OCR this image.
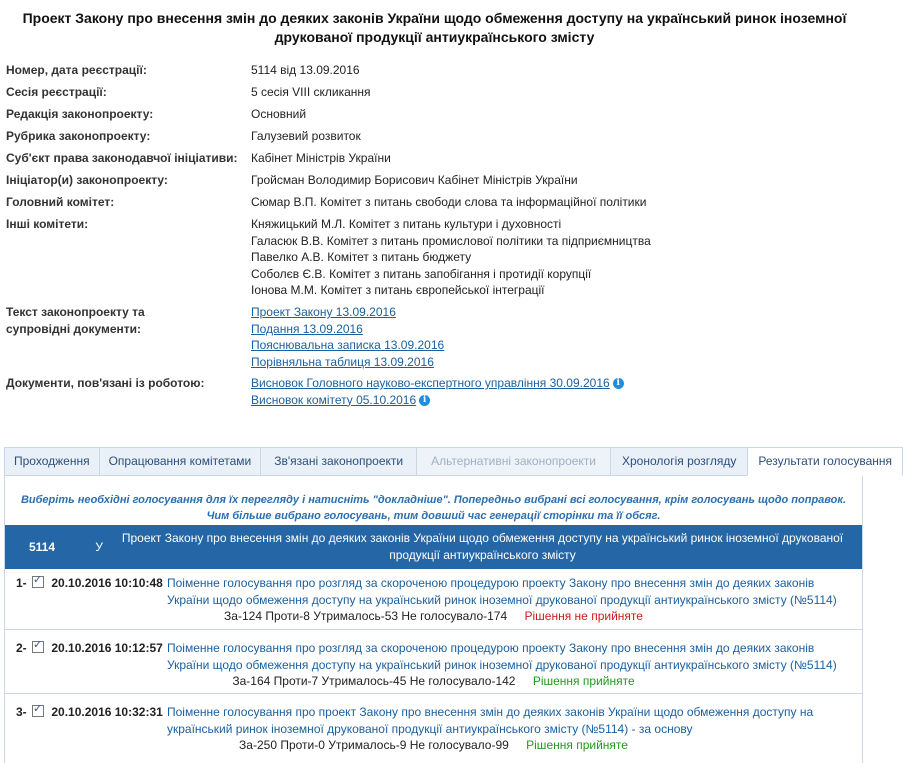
Проект Закону про внесення змін до деяких законів України щодо обмеження доступу на український ринок іноземної друкованої продукції антиукраїнського змісту
Номер, дата реєстрації:	5114 від 13.09.2016
Сесія реєстрації:	5 сесія VIII скликання
Редакція законопроекту:	Основний
Рубрика законопроекту:	Галузевий розвиток
Суб'єкт права законодавчої ініціативи:	Кабінет Міністрів України
Ініціатор(и) законопроекту:	Гройсман Володимир Борисович Кабінет Міністрів України
Головний комітет:	Сюмар В.П. Комітет з питань свободи слова та інформаційної політики
Інші комітети:	Княжицький М.Л. Комітет з питань культури і духовності
Галасюк В.В. Комітет з питань промислової політики та підприємництва
Павелко А.В. Комітет з питань бюджету
Соболєв Є.В. Комітет з питань запобігання і протидії корупції
Іонова М.М. Комітет з питань європейської інтеграції
Текст законопроекту та супровідні документи:
Проект Закону 13.09.2016
Подання 13.09.2016
Пояснювальна записка 13.09.2016
Порівняльна таблиця 13.09.2016
Документи, пов'язані із роботою:	Висновок Головного науково-експертного управління 30.09.2016 i
Висновок комітету 05.10.2016 i
Проходження	Опрацювання комітетами	Зв'язані законопроекти	Альтернативні законопроекти	Хронологія розгляду	Результати голосування
Виберіть необхідні голосування для їх перегляду і натисніть "докладніше". Попередньо вибрані всі голосування, крім голосувань щодо поправок.
Чим більше вибрано голосувань, тим довший час генерації сторінки та її обсяг.
5114	У
Проект Закону про внесення змін до деяких законів України щодо обмеження доступу на український ринок іноземної друкованої продукції антиукраїнського змісту
1- ✓ 20.10.2016 10:10:48 Поіменне голосування про розгляд за скороченою процедурою проекту Закону про внесення змін до деяких законів України щодо обмеження доступу на український ринок іноземної друкованої продукції антиукраїнського змісту (№5114)
За-124 Проти-8 Утрималось-53 Не голосувало-174 Рішення не прийняте
2- ✓ 20.10.2016 10:12:57 Поіменне голосування про розгляд за скороченою процедурою проекту Закону про внесення змін до деяких законів України щодо обмеження доступу на український ринок іноземної друкованої продукції антиукраїнського змісту (№5114)
За-164 Проти-7 Утрималось-45 Не голосувало-142 Рішення прийняте
3- ✓ 20.10.2016 10:32:31 Поіменне голосування про проект Закону про внесення змін до деяких законів України щодо обмеження доступу на український ринок іноземної друкованої продукції антиукраїнського змісту (№5114) - за основу
За-250 Проти-0 Утрималось-9 Не голосувало-99 Рішення прийняте
